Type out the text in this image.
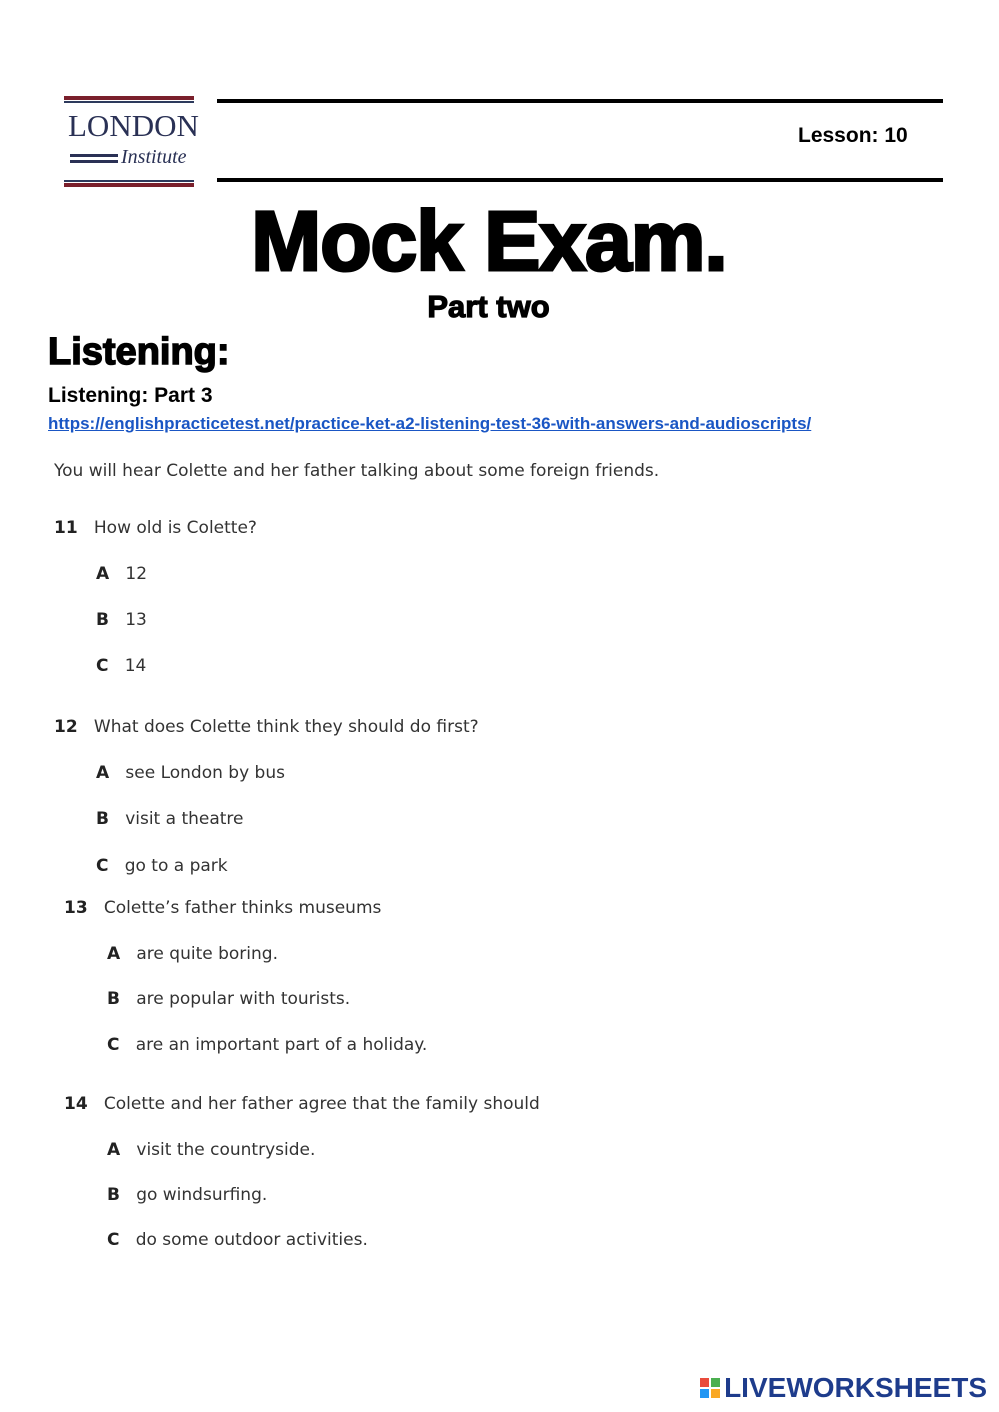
LONDON
Institute
Lesson: 10
Mock Exam.
Part two
Listening:
Listening: Part 3
https://englishpracticetest.net/practice-ket-a2-listening-test-36-with-answers-and-audioscripts/
You will hear Colette and her father talking about some foreign friends.
11 How old is Colette?
A 12
B 13
C 14
12 What does Colette think they should do first?
A see London by bus
B visit a theatre
C go to a park
13 Colette’s father thinks museums
A are quite boring.
B are popular with tourists.
C are an important part of a holiday.
14 Colette and her father agree that the family should
A visit the countryside.
B go windsurfing.
C do some outdoor activities.
LIVEWORKSHEETS
